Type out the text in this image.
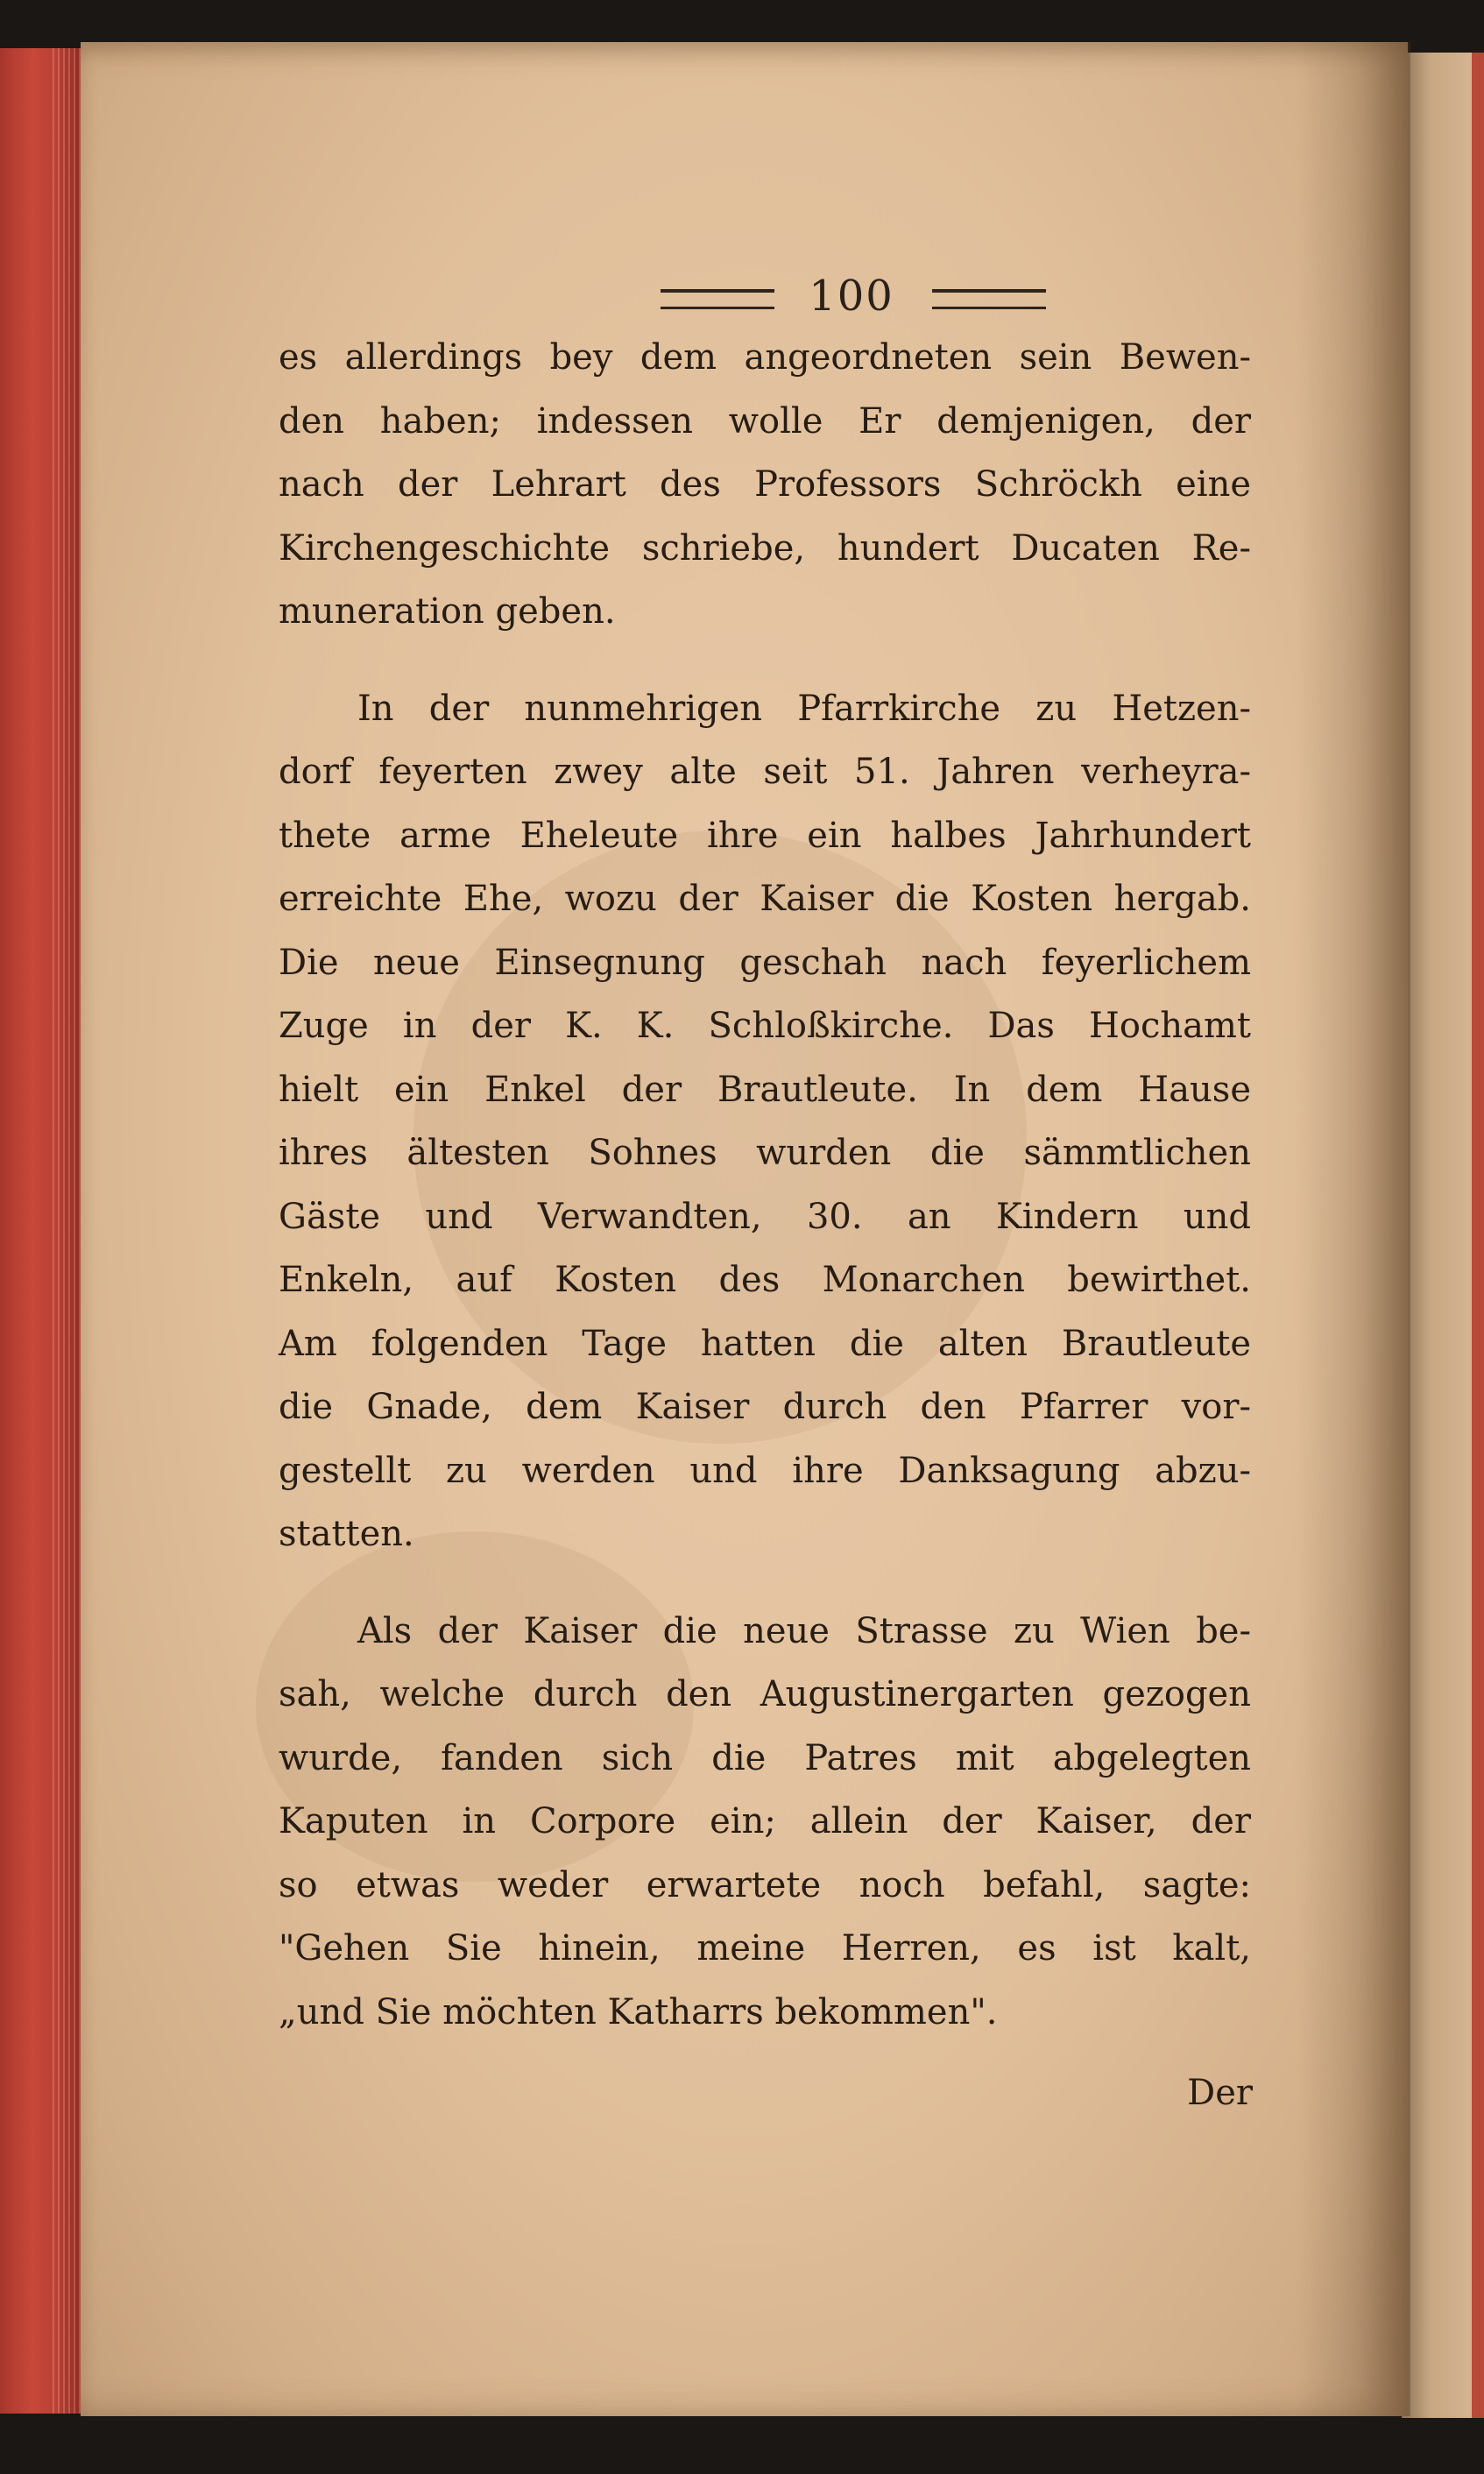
100
es allerdings bey dem angeordneten sein Bewen-
den haben; indessen wolle Er demjenigen, der
nach der Lehrart des Professors Schröckh eine
Kirchengeschichte schriebe, hundert Ducaten Re-
muneration geben.
In der nunmehrigen Pfarrkirche zu Hetzen-
dorf feyerten zwey alte seit 51. Jahren verheyra-
thete arme Eheleute ihre ein halbes Jahrhundert
erreichte Ehe, wozu der Kaiser die Kosten hergab.
Die neue Einsegnung geschah nach feyerlichem
Zuge in der K. K. Schloßkirche. Das Hochamt
hielt ein Enkel der Brautleute. In dem Hause
ihres ältesten Sohnes wurden die sämmtlichen
Gäste und Verwandten, 30. an Kindern und
Enkeln, auf Kosten des Monarchen bewirthet.
Am folgenden Tage hatten die alten Brautleute
die Gnade, dem Kaiser durch den Pfarrer vor-
gestellt zu werden und ihre Danksagung abzu-
statten.
Als der Kaiser die neue Strasse zu Wien be-
sah, welche durch den Augustinergarten gezogen
wurde, fanden sich die Patres mit abgelegten
Kaputen in Corpore ein; allein der Kaiser, der
so etwas weder erwartete noch befahl, sagte:
"Gehen Sie hinein, meine Herren, es ist kalt,
„und Sie möchten Katharrs bekommen".
Der
